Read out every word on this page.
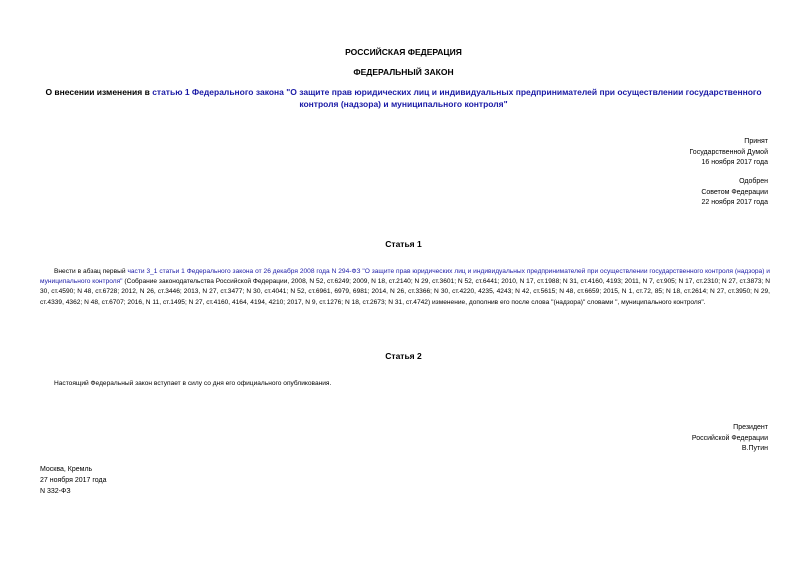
РОССИЙСКАЯ ФЕДЕРАЦИЯ
ФЕДЕРАЛЬНЫЙ ЗАКОН
О внесении изменения в статью 1 Федерального закона "О защите прав юридических лиц и индивидуальных предпринимателей при осуществлении государственного контроля (надзора) и муниципального контроля"
Принят
Государственной Думой
16 ноября 2017 года
Одобрен
Советом Федерации
22 ноября 2017 года
Статья 1
Внести в абзац первый части 3_1 статьи 1 Федерального закона от 26 декабря 2008 года N 294-ФЗ "О защите прав юридических лиц и индивидуальных предпринимателей при осуществлении государственного контроля (надзора) и муниципального контроля" (Собрание законодательства Российской Федерации, 2008, N 52, ст.6249; 2009, N 18, ст.2140; N 29, ст.3601; N 52, ст.6441; 2010, N 17, ст.1988; N 31, ст.4160, 4193; 2011, N 7, ст.905; N 17, ст.2310; N 27, ст.3873; N 30, ст.4590; N 48, ст.6728; 2012, N 26, ст.3446; 2013, N 27, ст.3477; N 30, ст.4041; N 52, ст.6961, 6979, 6981; 2014, N 26, ст.3366; N 30, ст.4220, 4235, 4243; N 42, ст.5615; N 48, ст.6659; 2015, N 1, ст.72, 85; N 18, ст.2614; N 27, ст.3950; N 29, ст.4339, 4362; N 48, ст.6707; 2016, N 11, ст.1495; N 27, ст.4160, 4164, 4194, 4210; 2017, N 9, ст.1276; N 18, ст.2673; N 31, ст.4742) изменение, дополнив его после слова "(надзора)" словами ", муниципального контроля".
Статья 2
Настоящий Федеральный закон вступает в силу со дня его официального опубликования.
Президент
Российской Федерации
В.Путин
Москва, Кремль
27 ноября 2017 года
N 332-ФЗ
